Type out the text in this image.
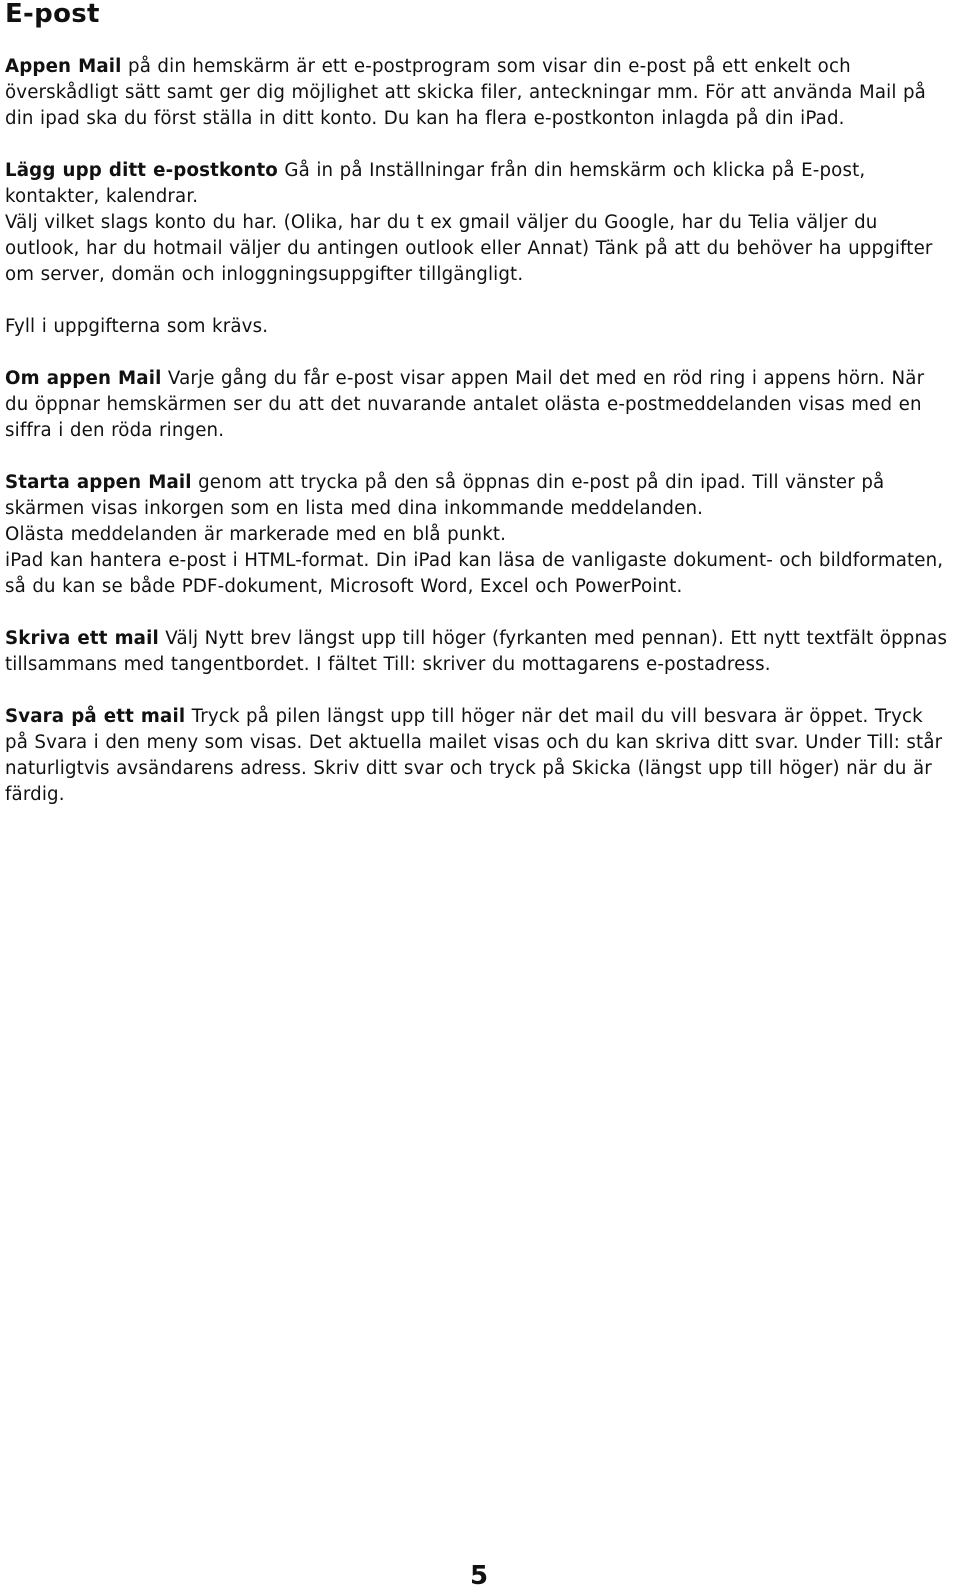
E-post

Appen Mail på din hemskärm är ett e-postprogram som visar din e-post på ett enkelt och överskådligt sätt samt ger dig möjlighet att skicka filer, anteckningar mm. För att använda Mail på din ipad ska du först ställa in ditt konto. Du kan ha flera e-postkonton inlagda på din iPad.

Lägg upp ditt e-postkonto Gå in på Inställningar från din hemskärm och klicka på E-post, kontakter, kalendrar.

Välj vilket slags konto du har. (Olika, har du t ex gmail väljer du Google, har du Telia väljer du outlook, har du hotmail väljer du antingen outlook eller Annat) Tänk på att du behöver ha uppgifter om server, domän och inloggningsuppgifter tillgängligt.

Fyll i uppgifterna som krävs.

Om appen Mail Varje gång du får e-post visar appen Mail det med en röd ring i appens hörn. När du öppnar hemskärmen ser du att det nuvarande antalet olästa e-postmeddelanden visas med en siffra i den röda ringen.

Starta appen Mail genom att trycka på den så öppnas din e-post på din ipad. Till vänster på skärmen visas inkorgen som en lista med dina inkommande meddelanden.

Olästa meddelanden är markerade med en blå punkt.

iPad kan hantera e-post i HTML-format. Din iPad kan läsa de vanligaste dokument- och bildformaten, så du kan se både PDF-dokument, Microsoft Word, Excel och PowerPoint.

Skriva ett mail Välj Nytt brev längst upp till höger (fyrkanten med pennan). Ett nytt textfält öppnas tillsammans med tangentbordet. I fältet Till: skriver du mottagarens e-postadress.

Svara på ett mail Tryck på pilen längst upp till höger när det mail du vill besvara är öppet. Tryck på Svara i den meny som visas. Det aktuella mailet visas och du kan skriva ditt svar. Under Till: står naturligtvis avsändarens adress. Skriv ditt svar och tryck på Skicka (längst upp till höger) när du är färdig.

5
